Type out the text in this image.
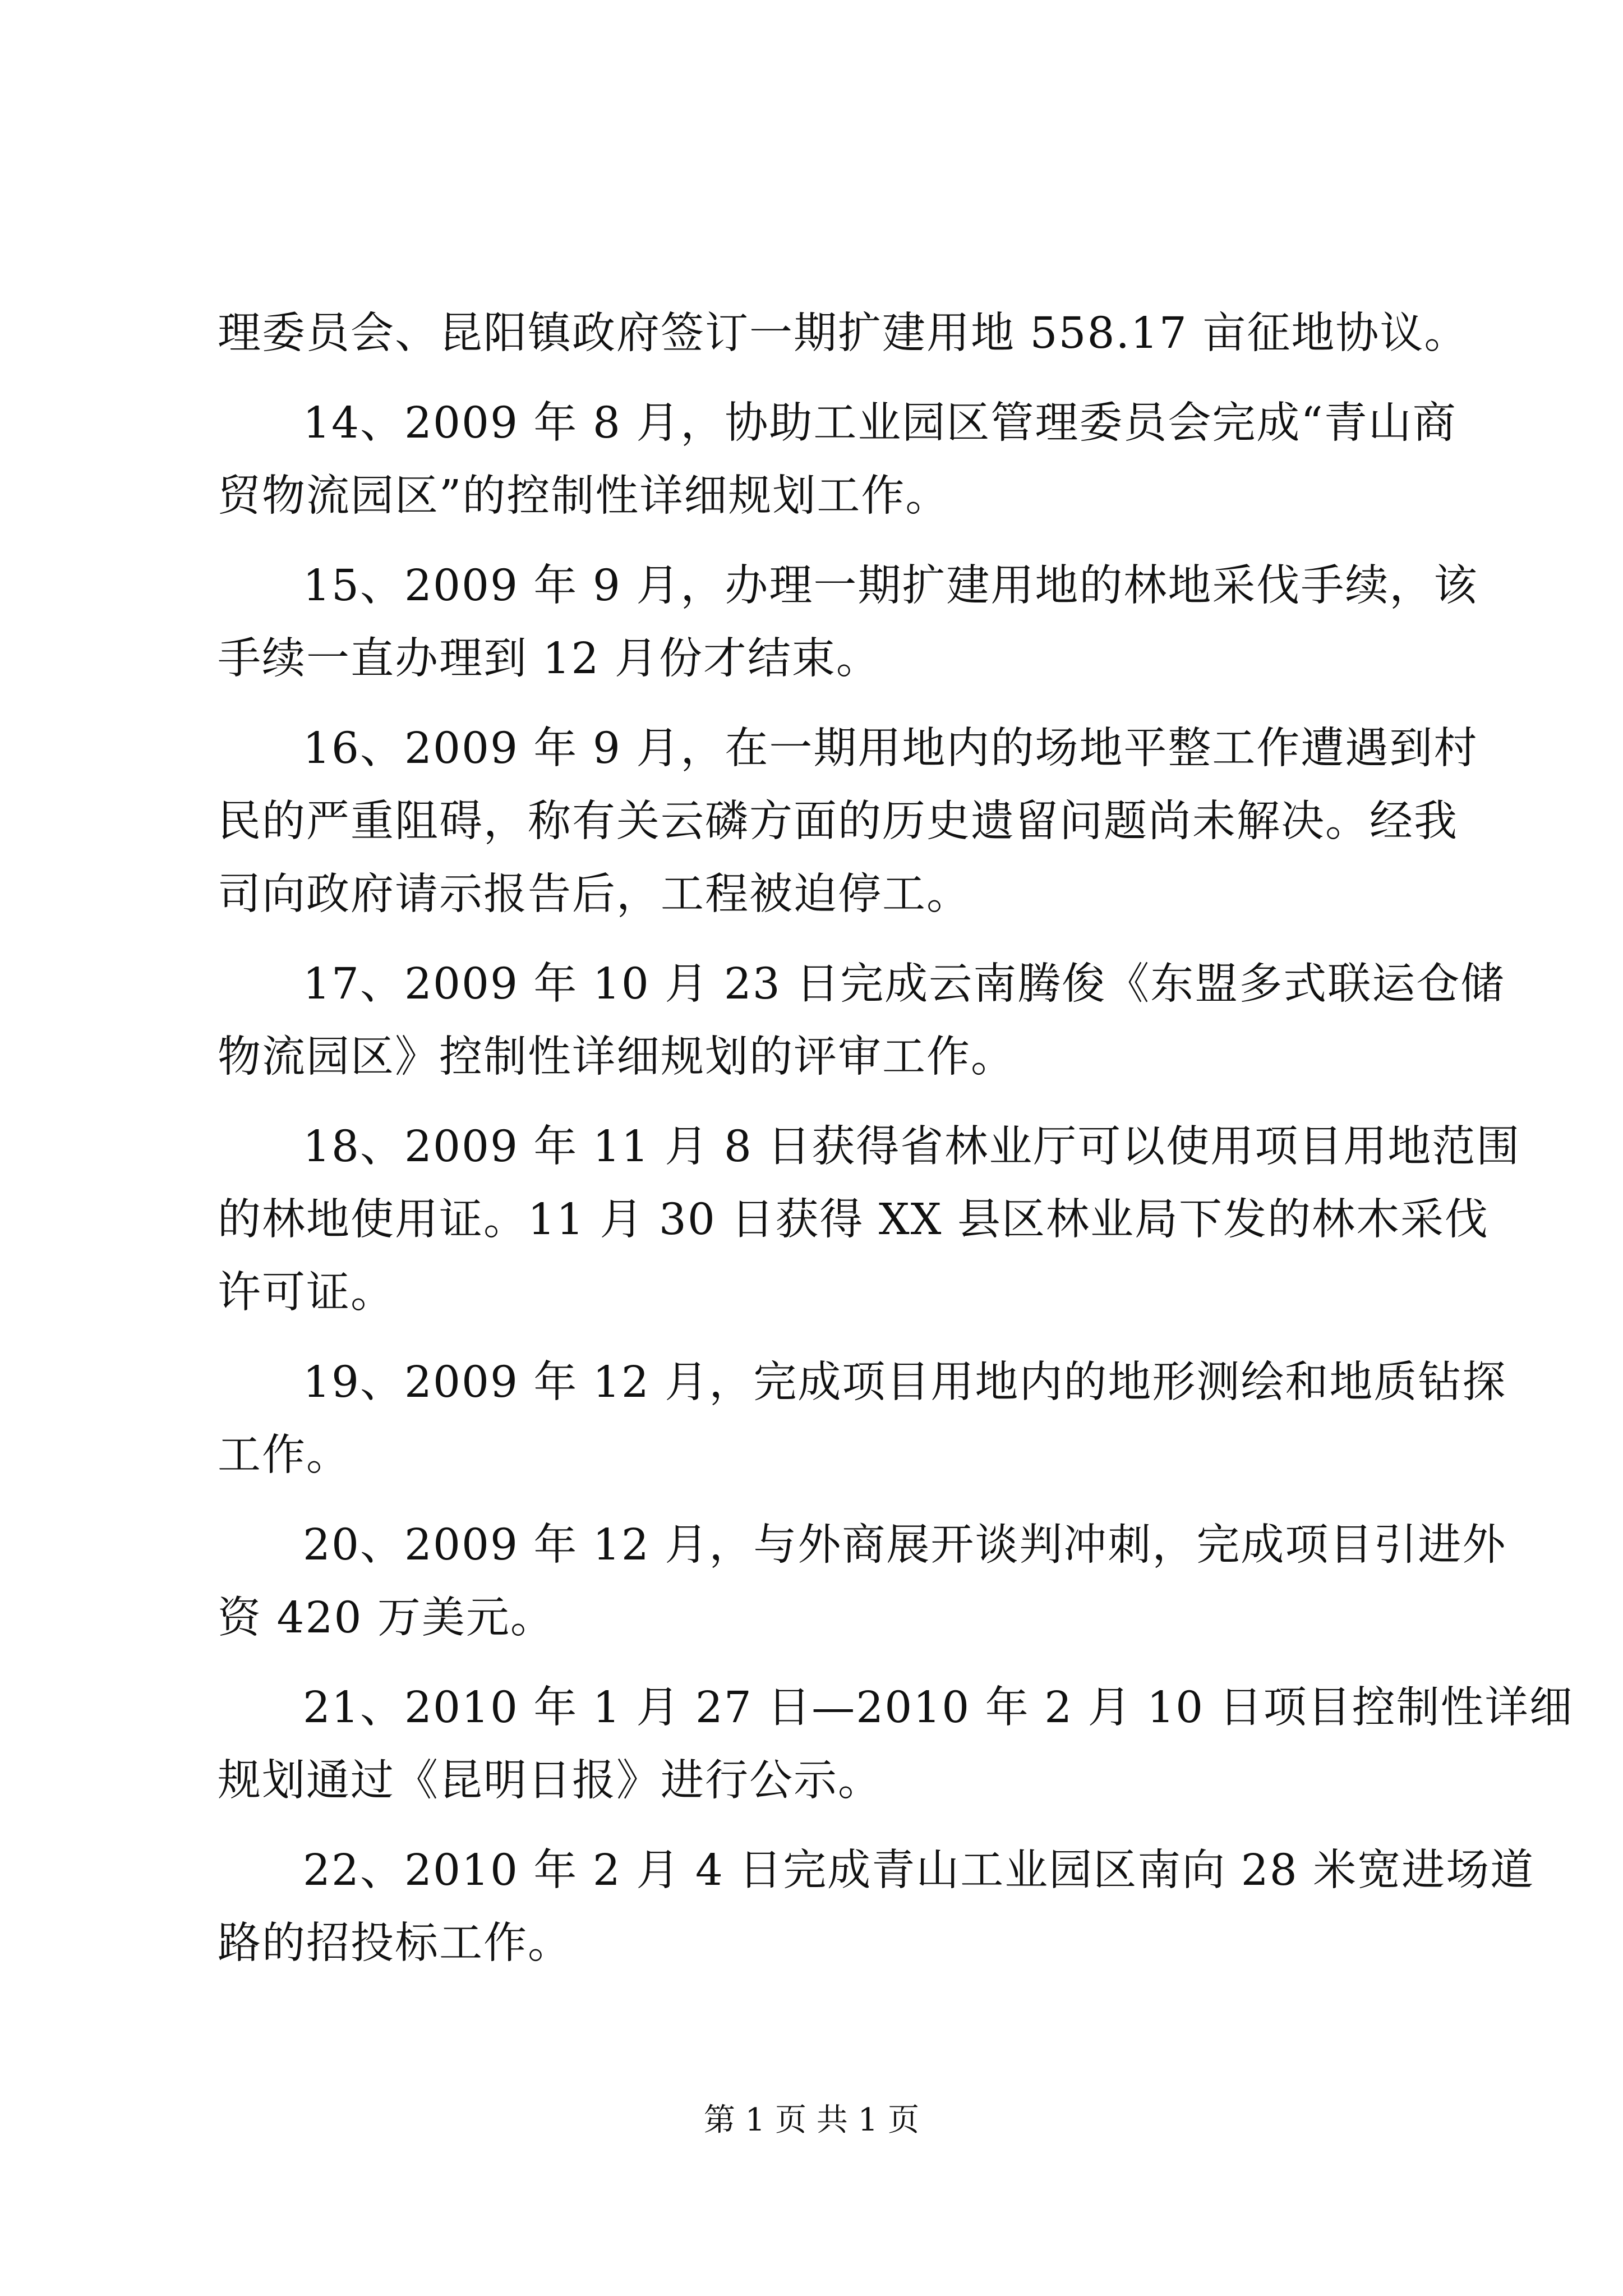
理委员会、昆阳镇政府签订一期扩建用地 558.17 亩征地协议。
14、2009 年 8 月，协助工业园区管理委员会完成“青山商
贸物流园区”的控制性详细规划工作。
15、2009 年 9 月，办理一期扩建用地的林地采伐手续，该
手续一直办理到 12 月份才结束。
16、2009 年 9 月，在一期用地内的场地平整工作遭遇到村
民的严重阻碍，称有关云磷方面的历史遗留问题尚未解决。经我
司向政府请示报告后，工程被迫停工。
17、2009 年 10 月 23 日完成云南腾俊《东盟多式联运仓储
物流园区》控制性详细规划的评审工作。
18、2009 年 11 月 8 日获得省林业厅可以使用项目用地范围
的林地使用证。11 月 30 日获得 XX 县区林业局下发的林木采伐
许可证。
19、2009 年 12 月，完成项目用地内的地形测绘和地质钻探
工作。
20、2009 年 12 月，与外商展开谈判冲刺，完成项目引进外
资 420 万美元。
21、2010 年 1 月 27 日—2010 年 2 月 10 日项目控制性详细
规划通过《昆明日报》进行公示。
22、2010 年 2 月 4 日完成青山工业园区南向 28 米宽进场道
路的招投标工作。
第 1 页 共 1 页
